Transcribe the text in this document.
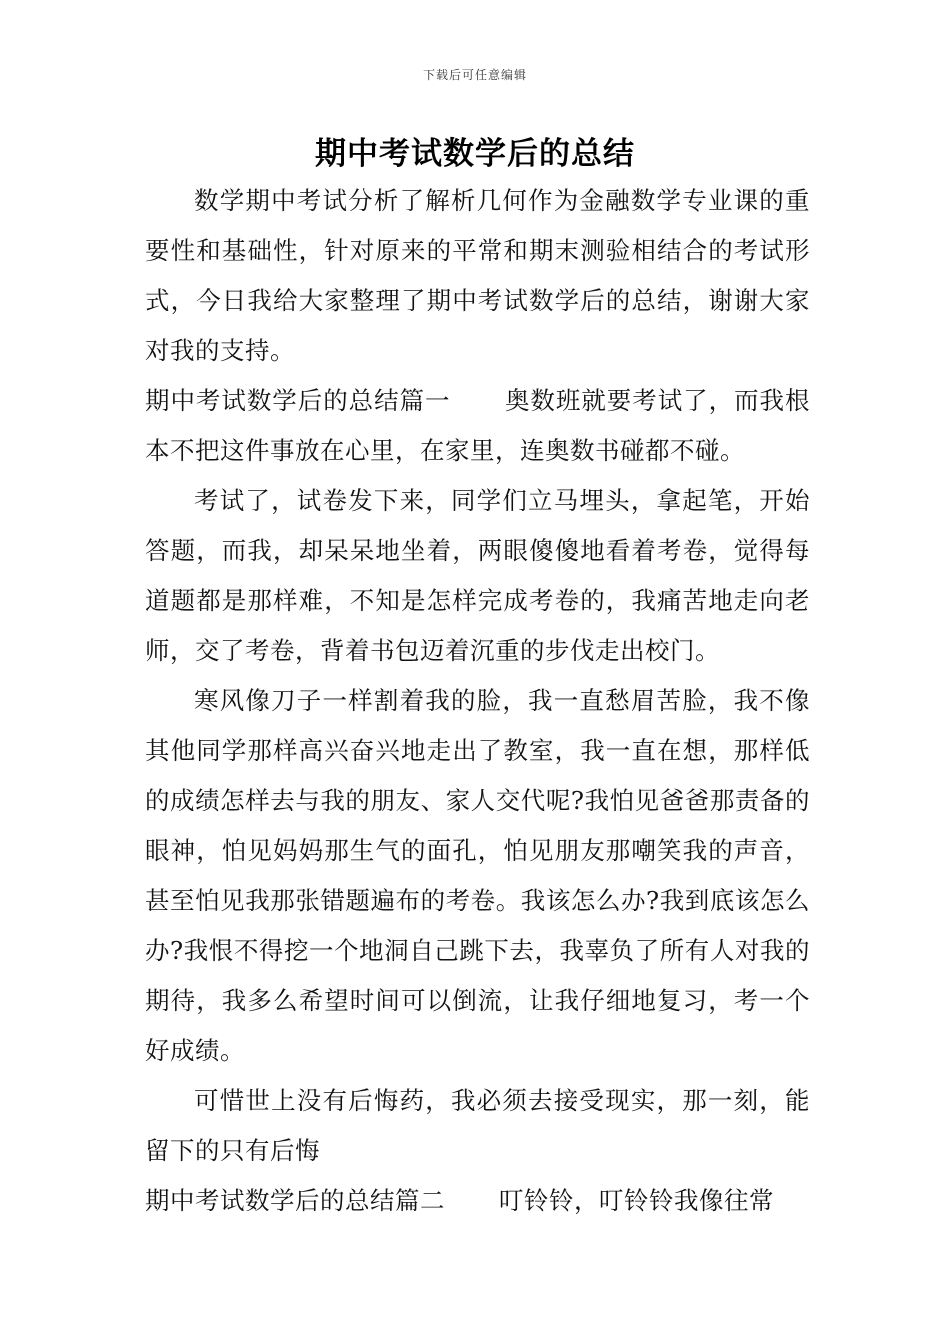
下载后可任意编辑
期中考试数学后的总结

数学期中考试分析了解析几何作为金融数学专业课的重要性和基础性，针对原来的平常和期末测验相结合的考试形式，今日我给大家整理了期中考试数学后的总结，谢谢大家对我的支持。

期中考试数学后的总结篇一 奥数班就要考试了，而我根本不把这件事放在心里，在家里，连奥数书碰都不碰。

考试了，试卷发下来，同学们立马埋头，拿起笔，开始答题，而我，却呆呆地坐着，两眼傻傻地看着考卷，觉得每道题都是那样难，不知是怎样完成考卷的，我痛苦地走向老师，交了考卷，背着书包迈着沉重的步伐走出校门。

寒风像刀子一样割着我的脸，我一直愁眉苦脸，我不像其他同学那样高兴奋兴地走出了教室，我一直在想，那样低的成绩怎样去与我的朋友、家人交代呢?我怕见爸爸那责备的眼神，怕见妈妈那生气的面孔，怕见朋友那嘲笑我的声音，甚至怕见我那张错题遍布的考卷。我该怎么办?我到底该怎么办?我恨不得挖一个地洞自己跳下去，我辜负了所有人对我的期待，我多么希望时间可以倒流，让我仔细地复习，考一个好成绩。

可惜世上没有后悔药，我必须去接受现实，那一刻，能留下的只有后悔

期中考试数学后的总结篇二 叮铃铃，叮铃铃我像往常
